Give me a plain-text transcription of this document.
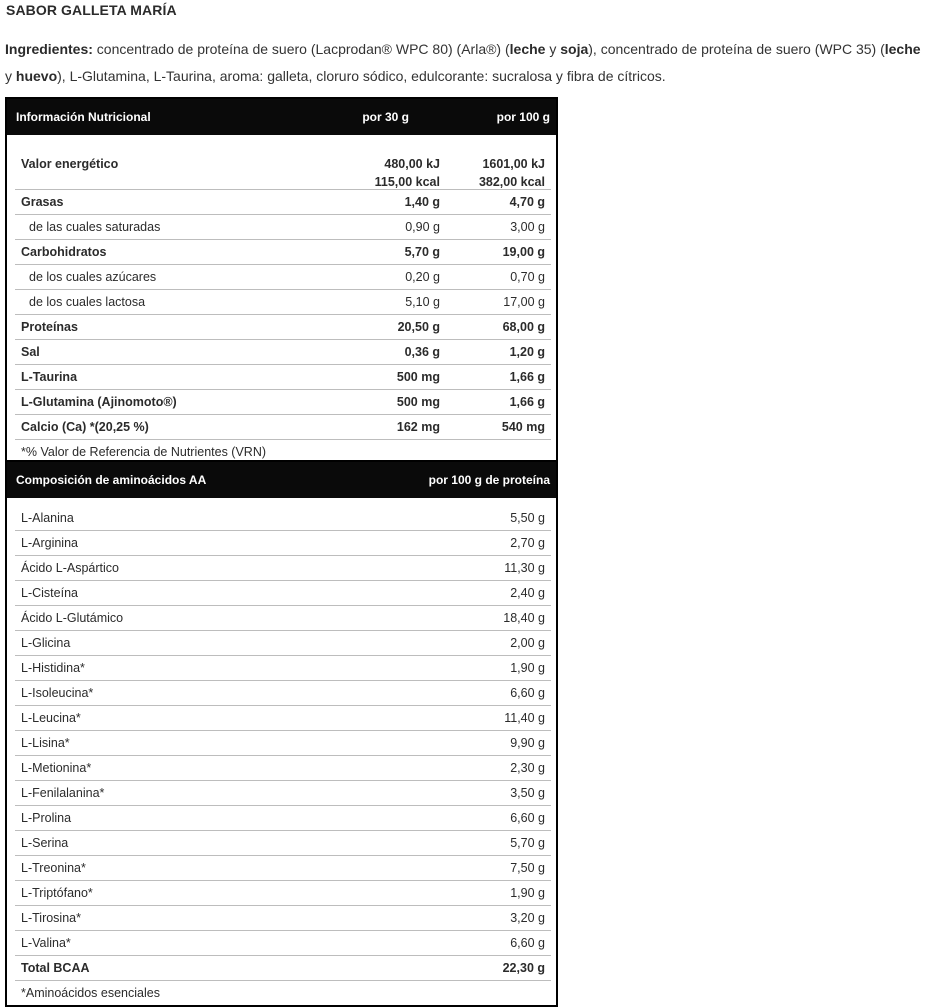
SABOR GALLETA MARÍA
Ingredientes: concentrado de proteína de suero (Lacprodan® WPC 80) (Arla®) (leche y soja), concentrado de proteína de suero (WPC 35) (leche y huevo), L-Glutamina, L-Taurina, aroma: galleta, cloruro sódico, edulcorante: sucralosa y fibra de cítricos.
Información Nutricional	por 30 g	por 100 g
Valor energético	480,00 kJ	1601,00 kJ
115,00 kcal	382,00 kcal
Grasas	1,40 g	4,70 g
de las cuales saturadas	0,90 g	3,00 g
Carbohidratos	5,70 g	19,00 g
de los cuales azúcares	0,20 g	0,70 g
de los cuales lactosa	5,10 g	17,00 g
Proteínas	20,50 g	68,00 g
Sal	0,36 g	1,20 g
L-Taurina	500 mg	1,66 g
L-Glutamina (Ajinomoto®)	500 mg	1,66 g
Calcio (Ca) *(20,25 %)	162 mg	540 mg
*% Valor de Referencia de Nutrientes (VRN)
Composición de aminoácidos AA	por 100 g de proteína
L-Alanina	5,50 g
L-Arginina	2,70 g
Ácido L-Aspártico	11,30 g
L-Cisteína	2,40 g
Ácido L-Glutámico	18,40 g
L-Glicina	2,00 g
L-Histidina*	1,90 g
L-Isoleucina*	6,60 g
L-Leucina*	11,40 g
L-Lisina*	9,90 g
L-Metionina*	2,30 g
L-Fenilalanina*	3,50 g
L-Prolina	6,60 g
L-Serina	5,70 g
L-Treonina*	7,50 g
L-Triptófano*	1,90 g
L-Tirosina*	3,20 g
L-Valina*	6,60 g
Total BCAA	22,30 g
*Aminoácidos esenciales
